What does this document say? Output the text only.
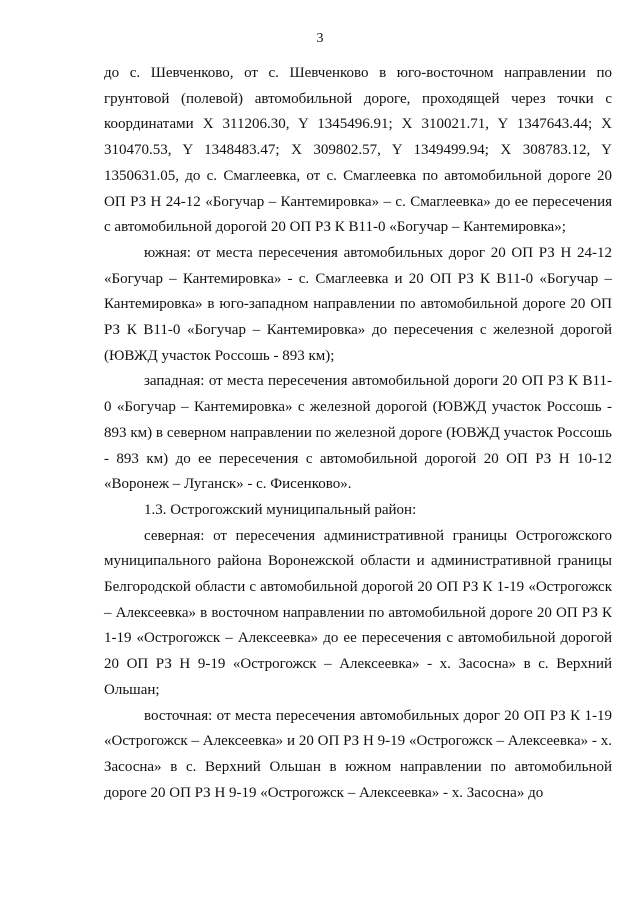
3

до с. Шевченково, от с. Шевченково в юго-восточном направлении по грунтовой (полевой) автомобильной дороге, проходящей через точки с координатами X 311206.30, Y 1345496.91; X 310021.71, Y 1347643.44; X 310470.53, Y 1348483.47; X 309802.57, Y 1349499.94; X 308783.12, Y 1350631.05, до с. Смаглеевка, от с. Смаглеевка по автомобильной дороге 20 ОП РЗ Н 24-12 «Богучар – Кантемировка» – с. Смаглеевка» до ее пересечения с автомобильной дорогой 20 ОП РЗ К В11-0 «Богучар – Кантемировка»;

южная: от места пересечения автомобильных дорог 20 ОП РЗ Н 24-12 «Богучар – Кантемировка» - с. Смаглеевка и 20 ОП РЗ К В11-0 «Богучар – Кантемировка» в юго-западном направлении по автомобильной дороге 20 ОП РЗ К В11-0 «Богучар – Кантемировка» до пересечения с железной дорогой (ЮВЖД участок Россошь - 893 км);

западная: от места пересечения автомобильной дороги 20 ОП РЗ К В11-0 «Богучар – Кантемировка» с железной дорогой (ЮВЖД участок Россошь - 893 км) в северном направлении по железной дороге (ЮВЖД участок Россошь - 893 км) до ее пересечения с автомобильной дорогой 20 ОП РЗ Н 10-12 «Воронеж – Луганск» - с. Фисенково».

1.3. Острогожский муниципальный район:

северная: от пересечения административной границы Острогожского муниципального района Воронежской области и административной границы Белгородской области с автомобильной дорогой 20 ОП РЗ К 1-19 «Острогожск – Алексеевка» в восточном направлении по автомобильной дороге 20 ОП РЗ К 1-19 «Острогожск – Алексеевка» до ее пересечения с автомобильной дорогой 20 ОП РЗ Н 9-19 «Острогожск – Алексеевка» - х. Засосна» в с. Верхний Ольшан;

восточная: от места пересечения автомобильных дорог 20 ОП РЗ К 1-19 «Острогожск – Алексеевка» и 20 ОП РЗ Н 9-19 «Острогожск – Алексеевка» - х. Засосна» в с. Верхний Ольшан в южном направлении по автомобильной дороге 20 ОП РЗ Н 9-19 «Острогожск – Алексеевка» - х. Засосна» до
